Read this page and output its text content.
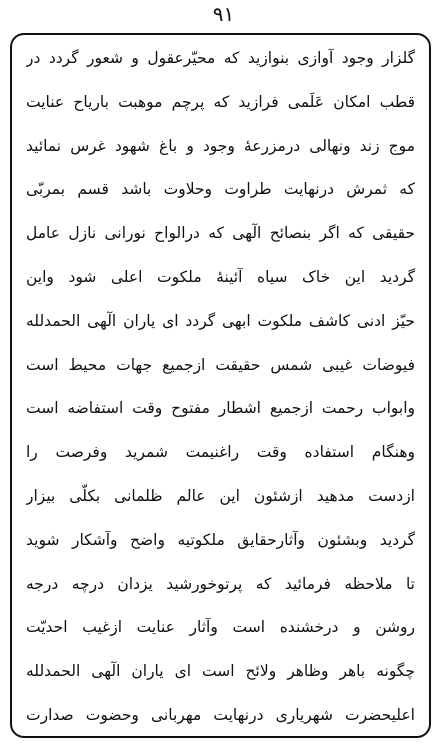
۹۱
گلزار وجود آوازی بنوازید که محیّرعقول و شعور گردد در
قطب امکان عَلَمی فرازید که پرچم موهبت باریاح عنایت
موج زند ونهالی درمزرعهٔ وجود و باغ شهود غرس نمائید
که ثمرش درنهایت طراوت وحلاوت باشد قسم بمربّی
حقیقی که اگر بنصائح الٓهی که درالواح نورانی نازل عامل
گردید این خاک سیاه آئینهٔ ملکوت اعلی شود واین
حیّز ادنی کاشف ملکوت ابهی گردد ای یاران الٓهی الحمدلله
فیوضات غیبی شمس حقیقت ازجمیع جهات محیط است
وابواب رحمت ازجمیع اشطار مفتوح وقت استفاضه است
وهنگام استفاده وقت راغنیمت شمرید وفرصت را
ازدست مدهید ازشئون این عالم ظلمانی بکلّی بیزار
گردید وبشئون وآثارحقایق ملکوتیه واضح وآشکار شوید
تا ملاحظه فرمائید که پرتوخورشید یزدان درچه درجه
روشن و درخشنده است وآثار عنایت ازغیب احدیّت
چگونه باهر وظاهر ولائح است ای یاران الٓهی الحمدلله
اعلیحضرت شهریاری درنهایت مهربانی وحضوت صدارت
